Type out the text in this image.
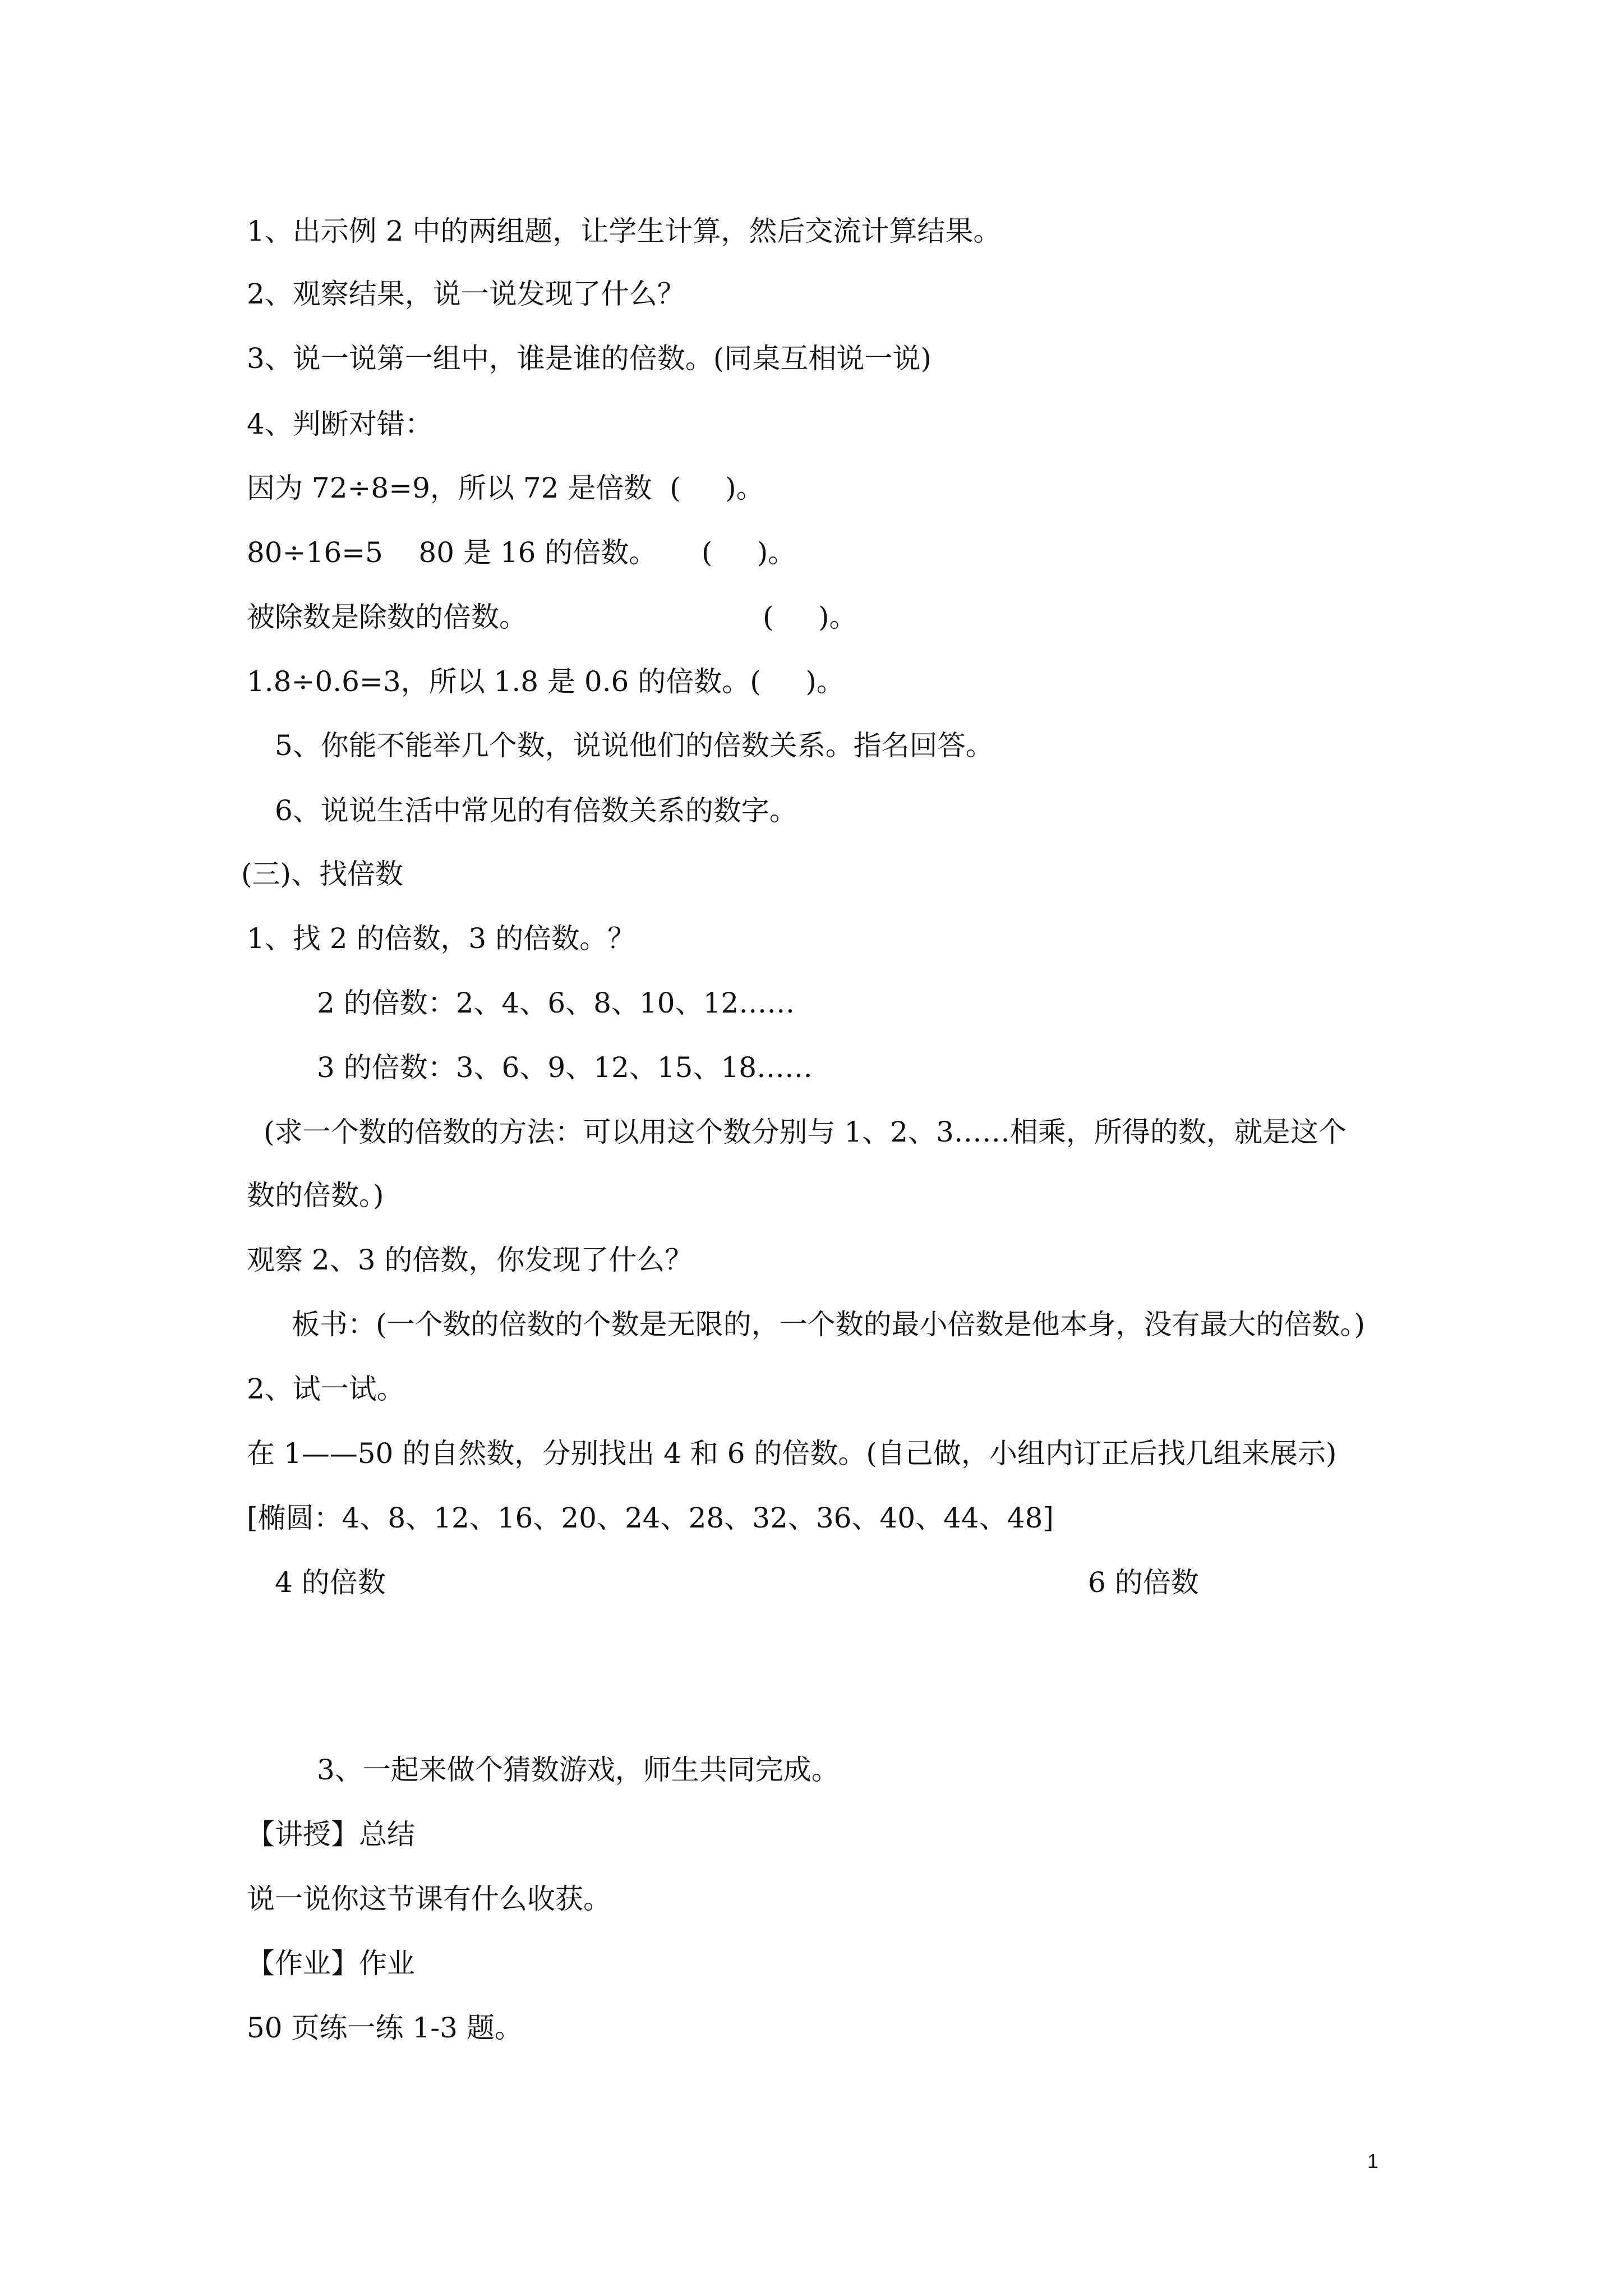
1、出示例 2 中的两组题，让学生计算，然后交流计算结果。
2、观察结果，说一说发现了什么？
3、说一说第一组中，谁是谁的倍数。(同桌互相说一说)
4、判断对错：
因为 72÷8=9，所以 72 是倍数  (     )。
80÷16=5    80 是 16 的倍数。     (     )。
被除数是除数的倍数。	(     )。
1.8÷0.6=3，所以 1.8 是 0.6 的倍数。(     )。
5、你能不能举几个数，说说他们的倍数关系。指名回答。
6、说说生活中常见的有倍数关系的数字。
(三)、找倍数
1、找 2 的倍数，3 的倍数。？
2 的倍数：2、4、6、8、10、12……
3 的倍数：3、6、9、12、15、18……
(求一个数的倍数的方法：可以用这个数分别与 1、2、3……相乘，所得的数，就是这个
数的倍数。)
观察 2、3 的倍数，你发现了什么？
板书：(一个数的倍数的个数是无限的，一个数的最小倍数是他本身，没有最大的倍数。)
2、试一试。
在 1——50 的自然数，分别找出 4 和 6 的倍数。(自己做，小组内订正后找几组来展示)
[椭圆：4、8、12、16、20、24、28、32、36、40、44、48]
4 的倍数	6 的倍数
3、一起来做个猜数游戏，师生共同完成。
【讲授】总结
说一说你这节课有什么收获。
【作业】作业
50 页练一练 1-3 题。
1
